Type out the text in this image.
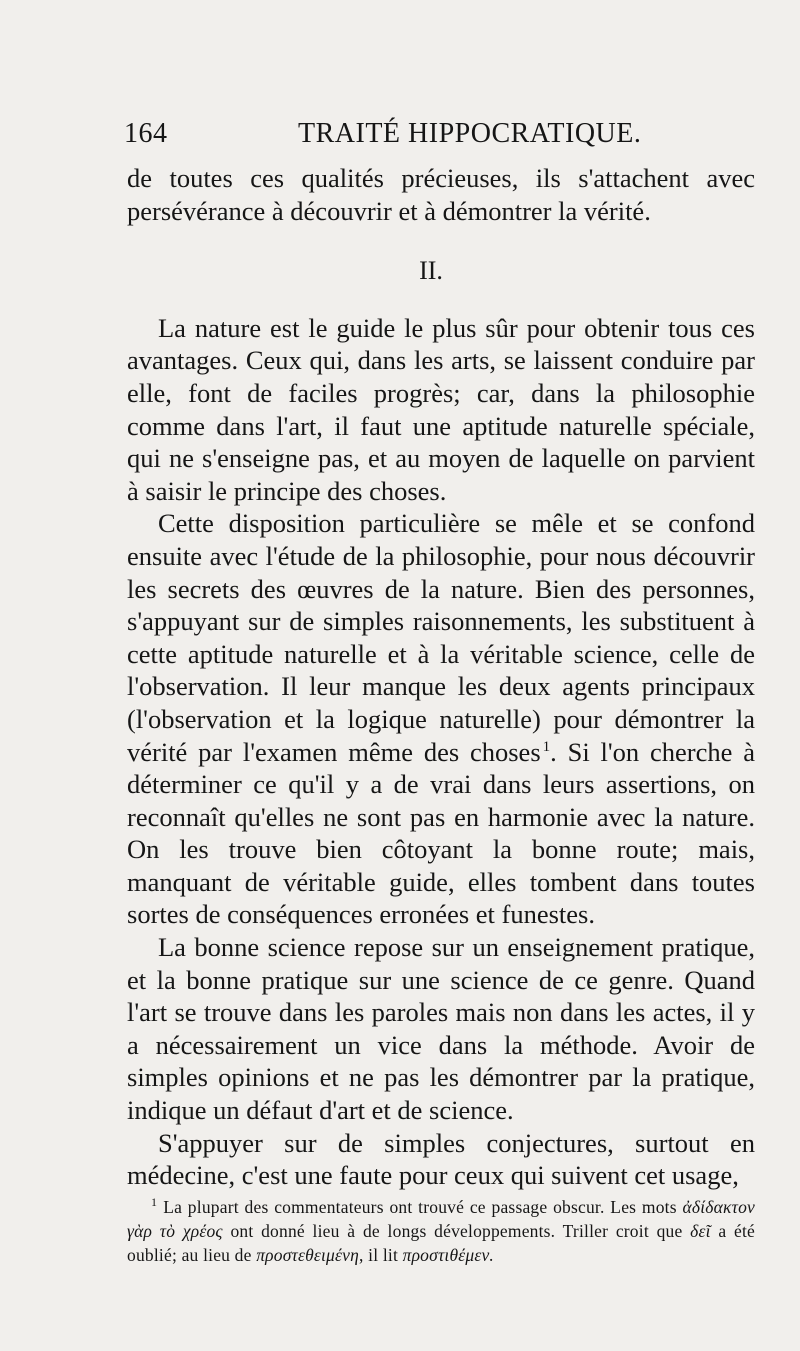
164	TRAITÉ HIPPOCRATIQUE.

de toutes ces qualités précieuses, ils s'attachent avec persévérance à découvrir et à démontrer la vérité.

II.

La nature est le guide le plus sûr pour obtenir tous ces avantages. Ceux qui, dans les arts, se laissent conduire par elle, font de faciles progrès; car, dans la philosophie comme dans l'art, il faut une aptitude naturelle spéciale, qui ne s'enseigne pas, et au moyen de laquelle on parvient à saisir le principe des choses.

Cette disposition particulière se mêle et se confond ensuite avec l'étude de la philosophie, pour nous découvrir les secrets des œuvres de la nature. Bien des personnes, s'appuyant sur de simples raisonnements, les substituent à cette aptitude naturelle et à la véritable science, celle de l'observation. Il leur manque les deux agents principaux (l'observation et la logique naturelle) pour démontrer la vérité par l'examen même des choses $^1$. Si l'on cherche à déterminer ce qu'il y a de vrai dans leurs assertions, on reconnaît qu'elles ne sont pas en harmonie avec la nature. On les trouve bien côtoyant la bonne route; mais, manquant de véritable guide, elles tombent dans toutes sortes de conséquences erronées et funestes.

La bonne science repose sur un enseignement pratique, et la bonne pratique sur une science de ce genre. Quand l'art se trouve dans les paroles mais non dans les actes, il y a nécessairement un vice dans la méthode. Avoir de simples opinions et ne pas les démontrer par la pratique, indique un défaut d'art et de science.

S'appuyer sur de simples conjectures, surtout en médecine, c'est une faute pour ceux qui suivent cet usage,

$^1$ La plupart des commentateurs ont trouvé ce passage obscur. Les mots ἀδίδακτον γὰρ τὸ χρέος ont donné lieu à de longs développements. Triller croit que δεῖ a été oublié; au lieu de προστεθειμένη, il lit προστιθέμεν.
